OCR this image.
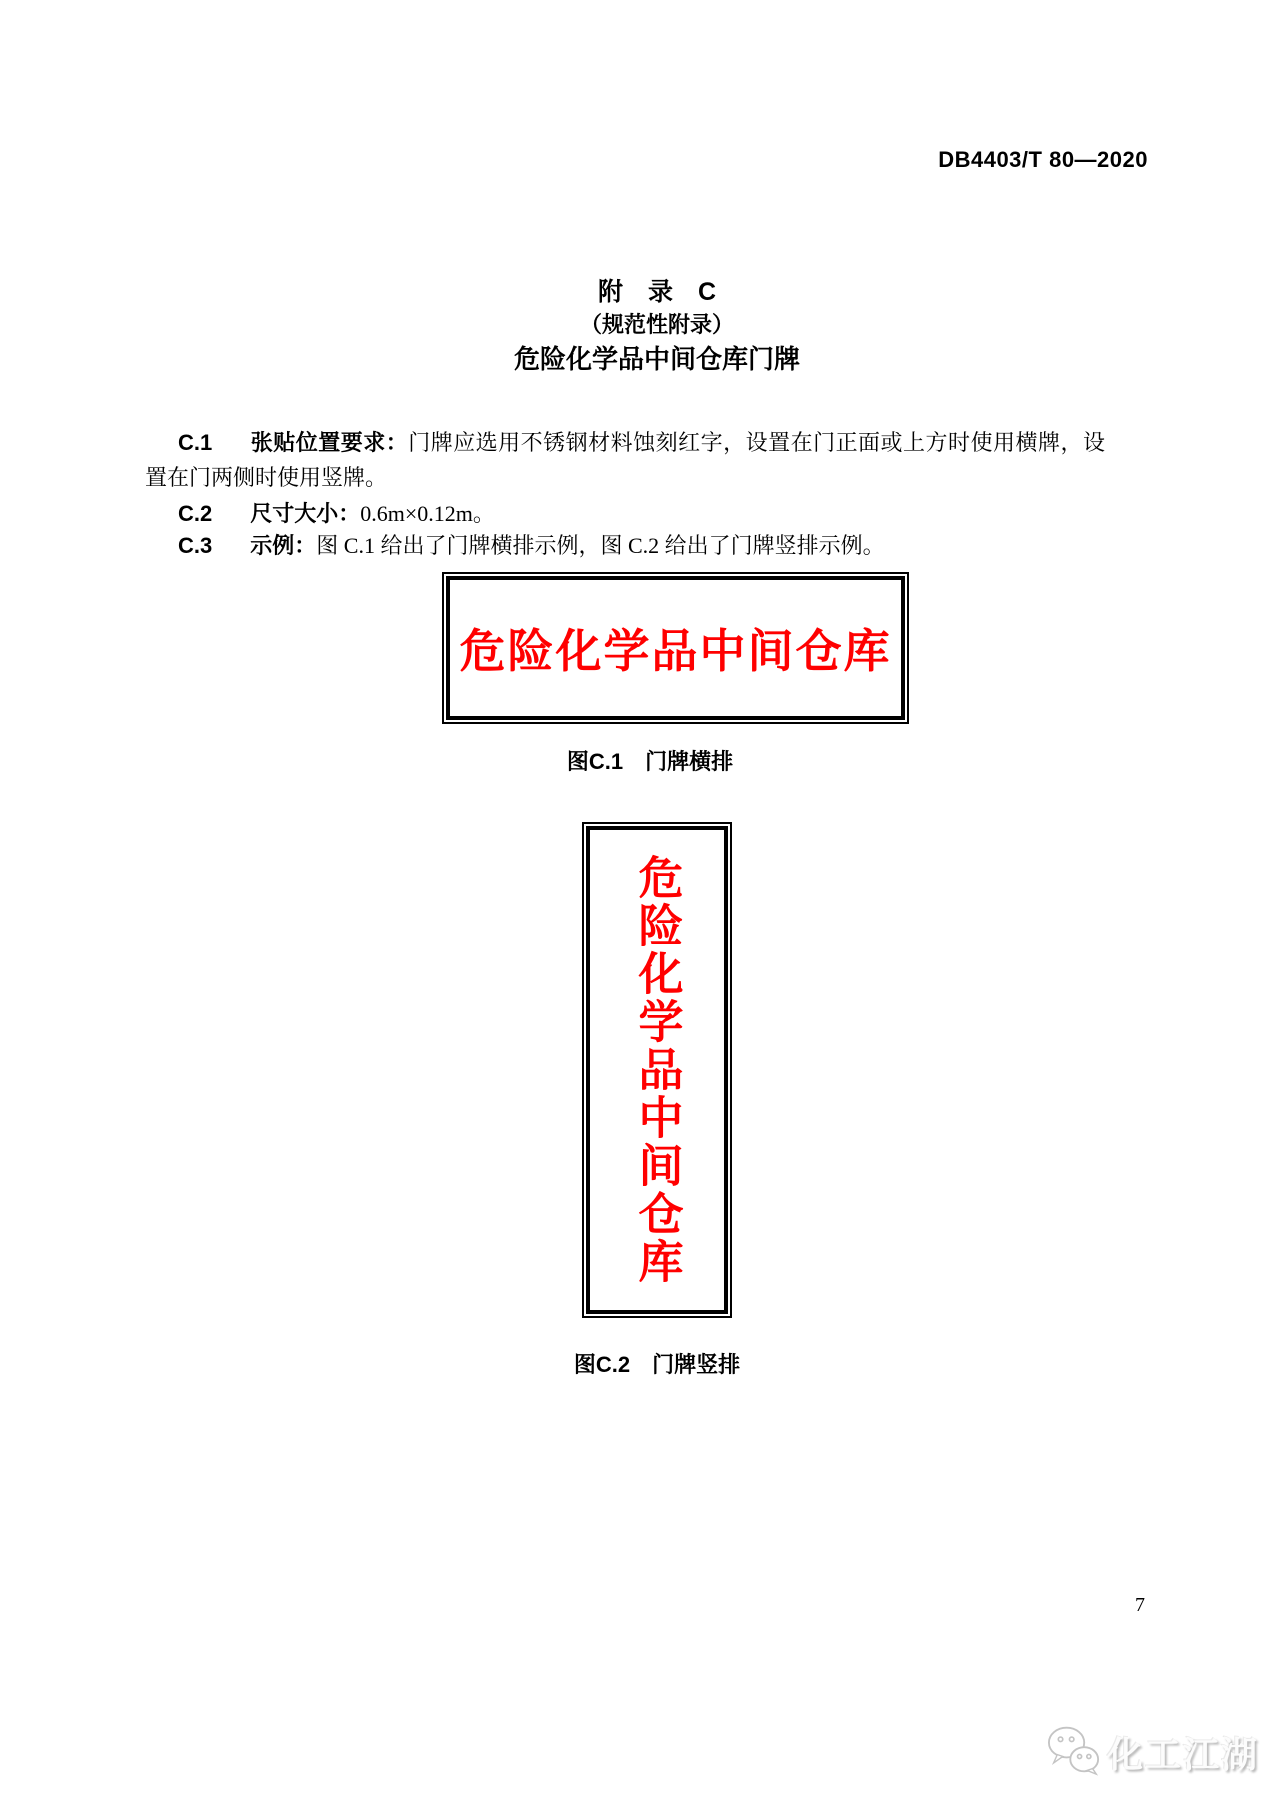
DB4403/T 80—2020
附　录　C
（规范性附录）
危险化学品中间仓库门牌

C.1 张贴位置要求：门牌应选用不锈钢材料蚀刻红字，设置在门正面或上方时使用横牌，设置在门两侧时使用竖牌。

C.2 尺寸大小：0.6m×0.12m。

C.3 示例：图 C.1 给出了门牌横排示例，图 C.2 给出了门牌竖排示例。

危险化学品中间仓库
图C.1　门牌横排
危险化学品中间仓库
图C.2　门牌竖排
7
化工江湖
